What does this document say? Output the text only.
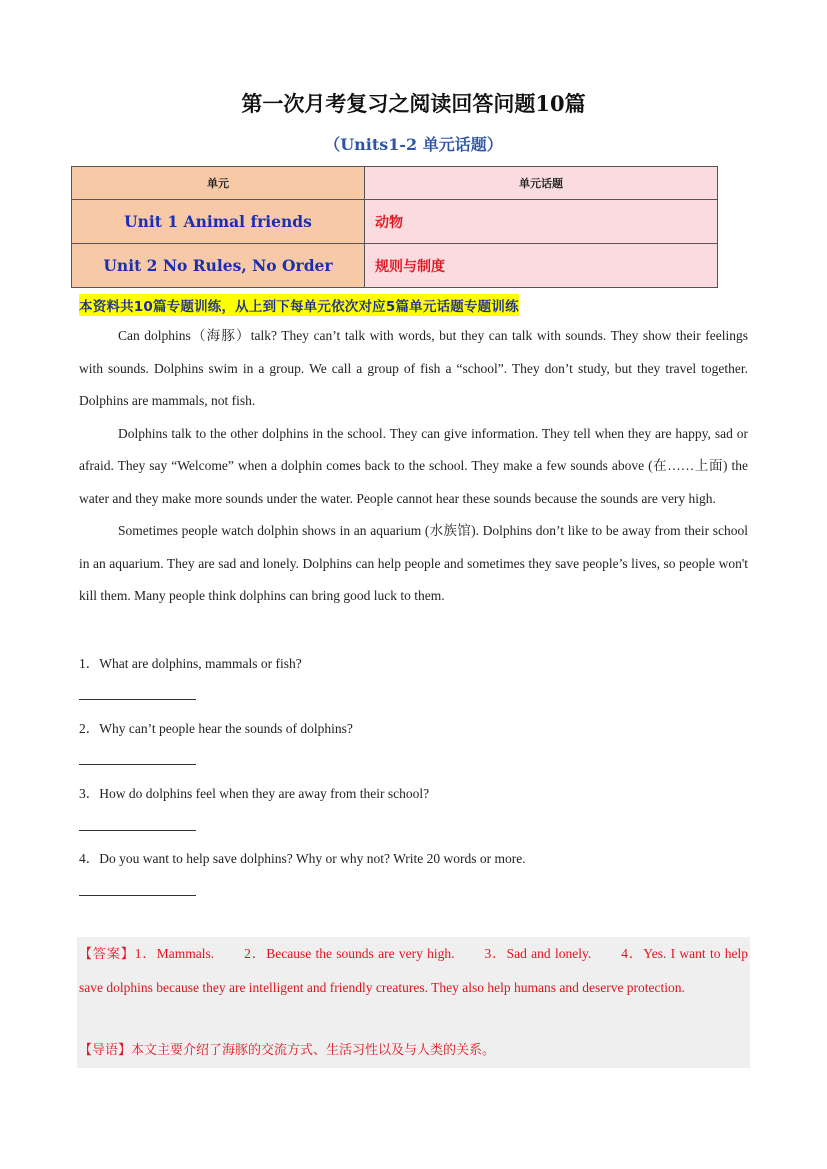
第一次月考复习之阅读回答问题10篇
（Units1-2 单元话题）
单元	单元话题
Unit 1 Animal friends	动物
Unit 2 No Rules, No Order	规则与制度
本资料共10篇专题训练，从上到下每单元依次对应5篇单元话题专题训练

Can dolphins（海豚）talk? They can’t talk with words, but they can talk with sounds. They show their feelings with sounds. Dolphins swim in a group. We call a group of fish a “school”. They don’t study, but they travel together. Dolphins are mammals, not fish.

Dolphins talk to the other dolphins in the school. They can give information. They tell when they are happy, sad or afraid. They say “Welcome” when a dolphin comes back to the school. They make a few sounds above (在……上面) the water and they make more sounds under the water. People cannot hear these sounds because the sounds are very high.

Sometimes people watch dolphin shows in an aquarium (水族馆). Dolphins don’t like to be away from their school in an aquarium. They are sad and lonely. Dolphins can help people and sometimes they save people’s lives, so people won't kill them. Many people think dolphins can bring good luck to them.

1．What are dolphins, mammals or fish?
2．Why can’t people hear the sounds of dolphins?
3．How do dolphins feel when they are away from their school?
4．Do you want to help save dolphins? Why or why not? Write 20 words or more.
【答案】1．Mammals. 2．Because the sounds are very high. 3．Sad and lonely. 4．Yes. I want to help save dolphins because they are intelligent and friendly creatures. They also help humans and deserve protection.
【导语】本文主要介绍了海豚的交流方式、生活习性以及与人类的关系。
